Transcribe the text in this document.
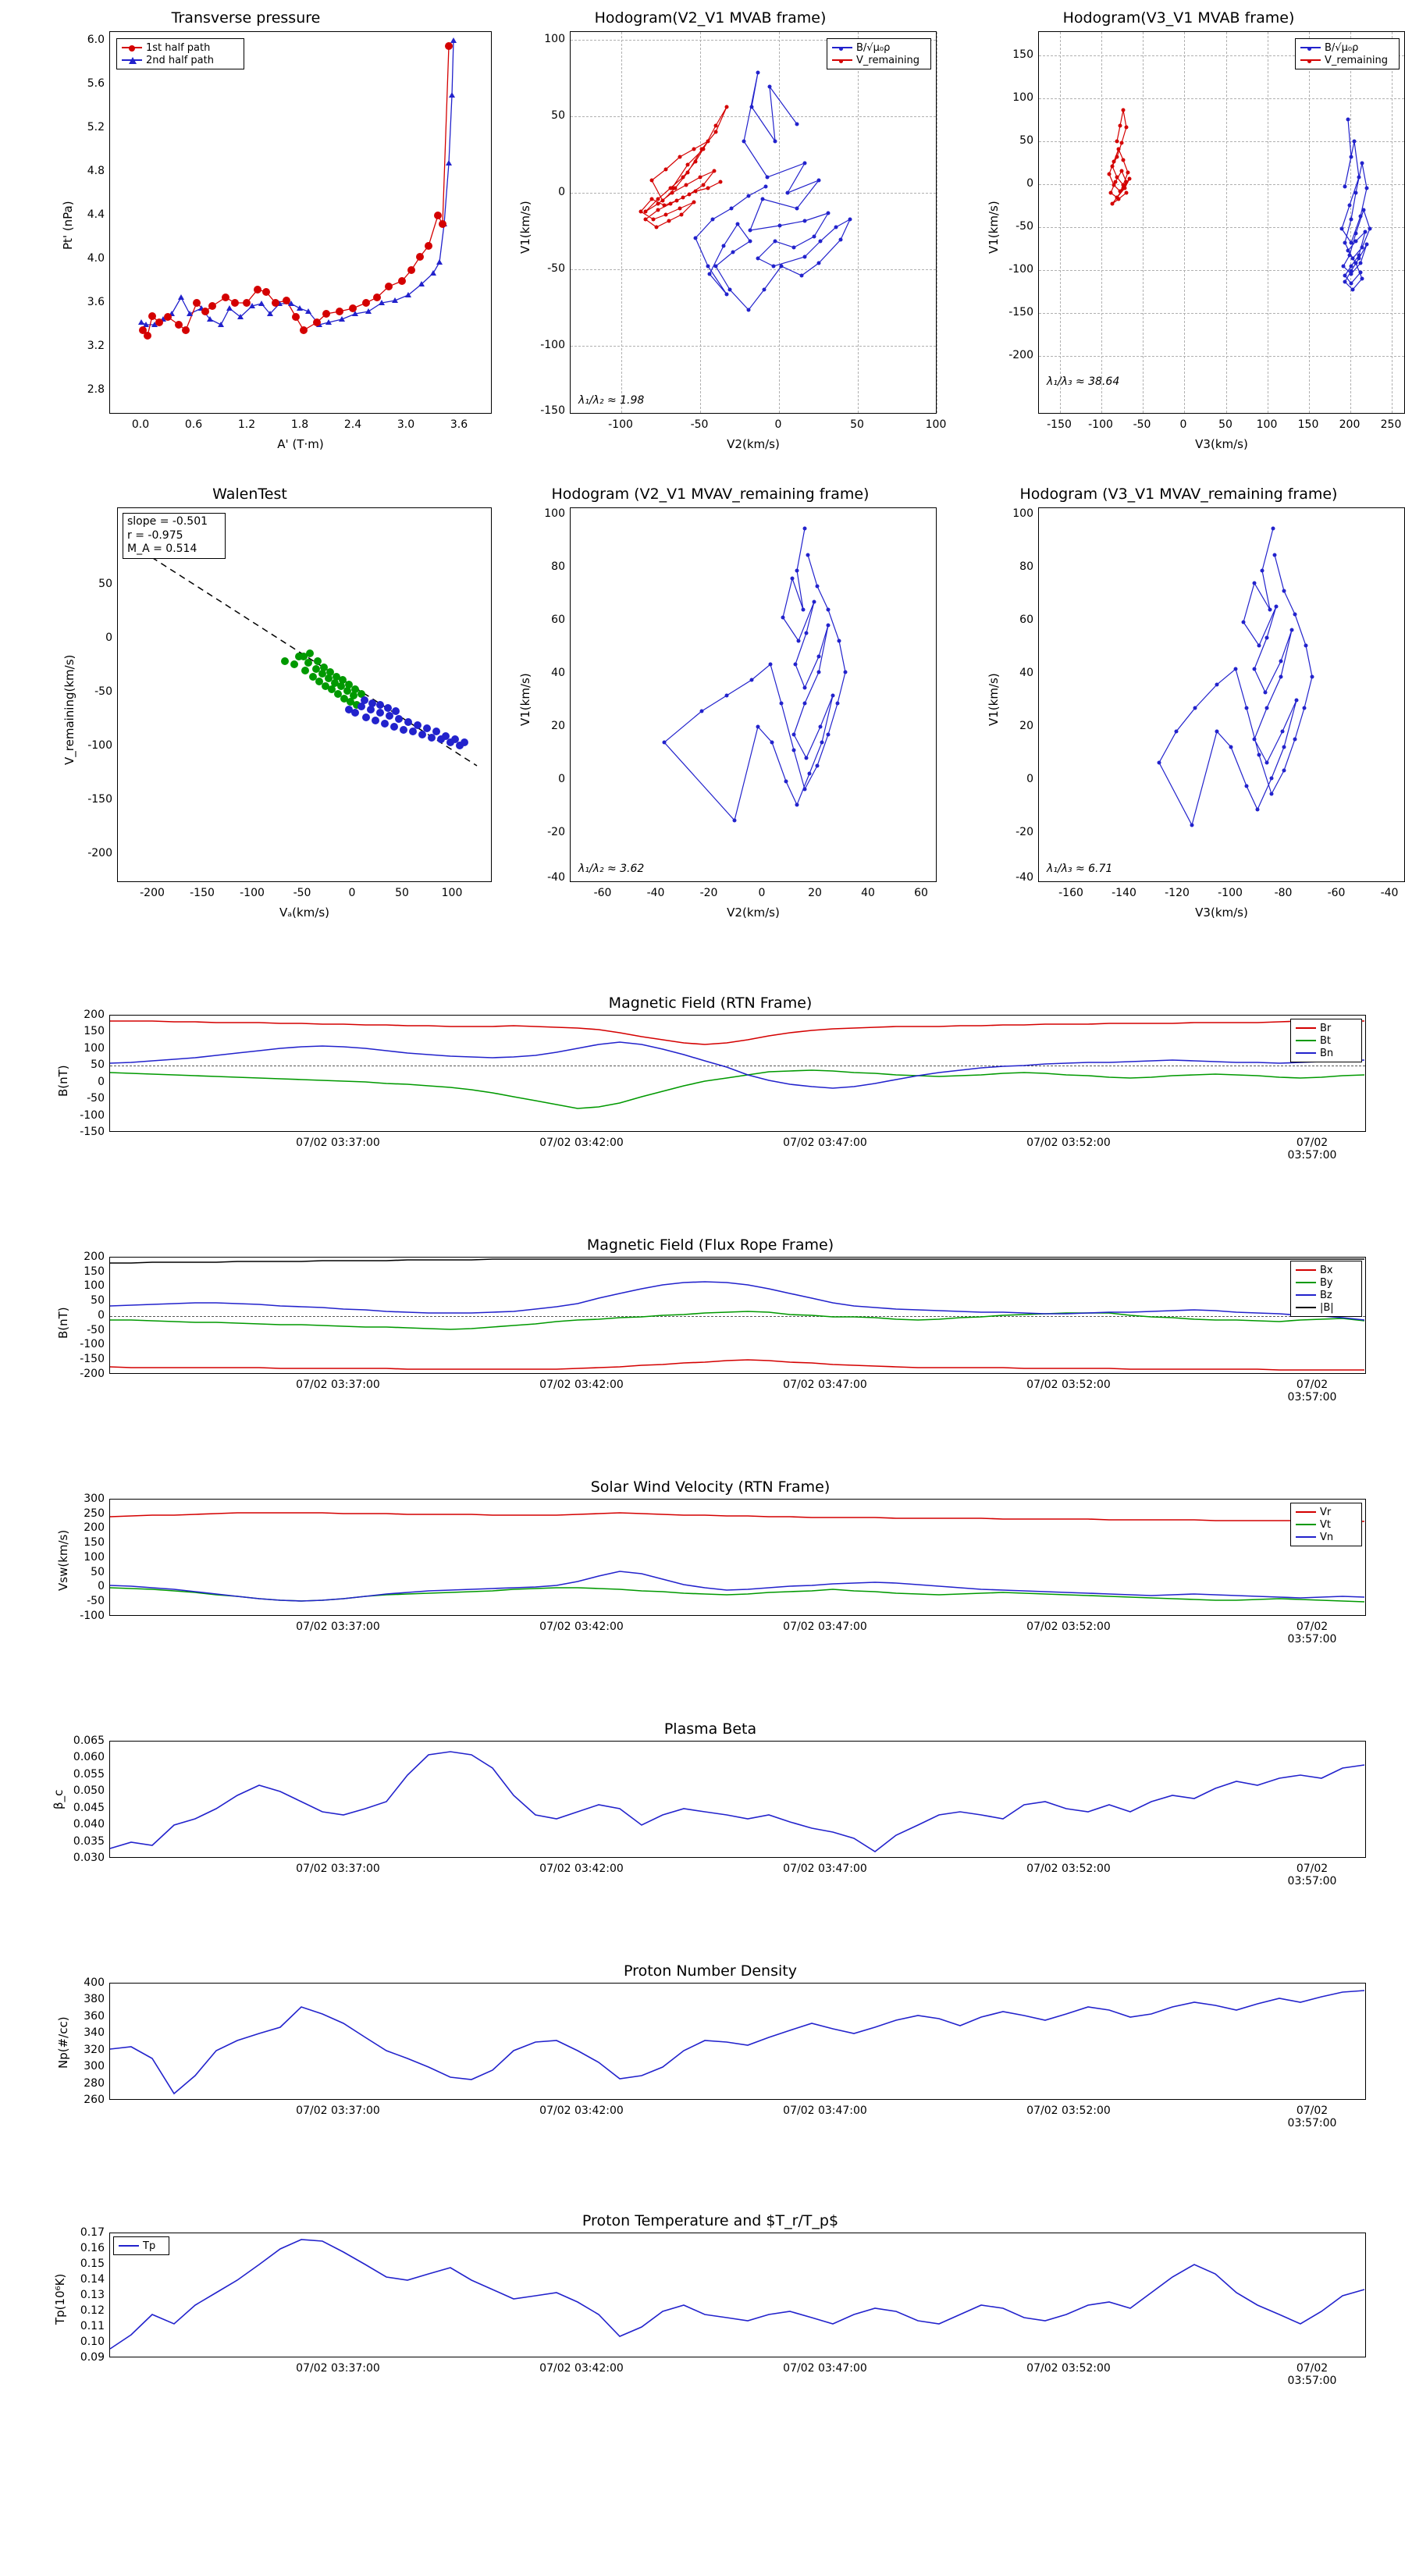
Transverse pressure
1st half path
2nd half path
6.0
5.6
5.2
4.8
4.4
4.0
3.6
3.2
2.8
0.0	0.6	1.2	1.8	2.4	3.0	3.6
A' (T·m)
Pt' (nPa)
Hodogram(V2_V1 MVAB frame)
B/√μ₀ρ
V_remaining
λ₁/λ₂ ≈ 1.98
100
50
0
-50
-100
-150
-100	-50	0	50	100
V2(km/s)
V1(km/s)
Hodogram(V3_V1 MVAB frame)
B/√μ₀ρ
V_remaining
λ₁/λ₃ ≈ 38.64
150
100
50
0
-50
-100
-150
-200
-150 -100 -50	0	50 100 150 200 250
V3(km/s)
V1(km/s)
WalenTest
slope = -0.501
r = -0.975
M_A = 0.514
50
0
-50
-100
-150
-200
-200 -150 -100	-50	0	50	100
Vₐ(km/s)
V_remaining(km/s)
Hodogram (V2_V1 MVAV_remaining frame)
λ₁/λ₂ ≈ 3.62
100
80
60
40
20
0
-20
-40
-60	-40	-20	0	20	40	60
V2(km/s)
V1(km/s)
Hodogram (V3_V1 MVAV_remaining frame)
λ₁/λ₃ ≈ 6.71
100
80
60
40
20
0
-20
-40
-160	-140	-120	-100	-80	-60	-40
V3(km/s)
V1(km/s)
Magnetic Field (RTN Frame)
Br
Bt
Bn
200
150
100
50
0
-50
-100
-150
07/02 03:37:00	07/02 03:42:00	07/02 03:47:00	07/02 03:52:00	07/02 03:57:00
B(nT)
Magnetic Field (Flux Rope Frame)
Bx
By
Bz
|B|
200
150
100
50
0
-50
-100
-150
-200
07/02 03:37:00	07/02 03:42:00	07/02 03:47:00	07/02 03:52:00	07/02 03:57:00
B(nT)
Solar Wind Velocity (RTN Frame)
Vr
Vt
Vn
300
250
200
150
100
50
0
-50
-100
07/02 03:37:00	07/02 03:42:00	07/02 03:47:00	07/02 03:52:00	07/02 03:57:00
Vsw(km/s)
Plasma Beta
0.065
0.060
0.055
0.050
0.045
0.040
0.035
0.030
07/02 03:37:00	07/02 03:42:00	07/02 03:47:00	07/02 03:52:00	07/02 03:57:00
β_c
Proton Number Density
400
380
360
340
320
300
280
260
07/02 03:37:00	07/02 03:42:00	07/02 03:47:00	07/02 03:52:00	07/02 03:57:00
Np(#/cc)
Proton Temperature and $T_r/T_p$
Tp
0.17
0.16
0.15
0.14
0.13
0.12
0.11
0.10
0.09
07/02 03:37:00	07/02 03:42:00	07/02 03:47:00	07/02 03:52:00	07/02 03:57:00
Tp(10⁶K)
